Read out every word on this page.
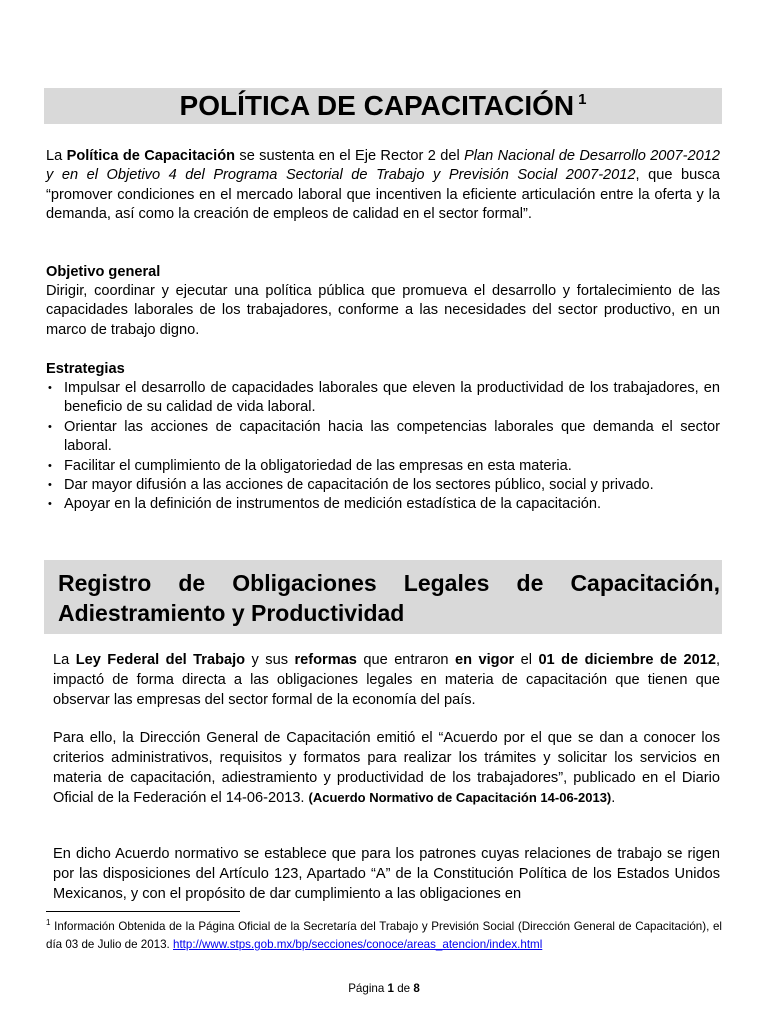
POLÍTICA DE CAPACITACIÓN $^1$
La Política de Capacitación se sustenta en el Eje Rector 2 del Plan Nacional de Desarrollo 2007-2012 y en el Objetivo 4 del Programa Sectorial de Trabajo y Previsión Social 2007-2012, que busca “promover condiciones en el mercado laboral que incentiven la eficiente articulación entre la oferta y la demanda, así como la creación de empleos de calidad en el sector formal”.
Objetivo general
Dirigir, coordinar y ejecutar una política pública que promueva el desarrollo y fortalecimiento de las capacidades laborales de los trabajadores, conforme a las necesidades del sector productivo, en un marco de trabajo digno.
Estrategias
• Impulsar el desarrollo de capacidades laborales que eleven la productividad de los trabajadores, en beneficio de su calidad de vida laboral.
• Orientar las acciones de capacitación hacia las competencias laborales que demanda el sector laboral.
• Facilitar el cumplimiento de la obligatoriedad de las empresas en esta materia.
• Dar mayor difusión a las acciones de capacitación de los sectores público, social y privado.
• Apoyar en la definición de instrumentos de medición estadística de la capacitación.
Registro de Obligaciones Legales de Capacitación, Adiestramiento y Productividad
La Ley Federal del Trabajo y sus reformas que entraron en vigor el 01 de diciembre de 2012, impactó de forma directa a las obligaciones legales en materia de capacitación que tienen que observar las empresas del sector formal de la economía del país.
Para ello, la Dirección General de Capacitación emitió el “Acuerdo por el que se dan a conocer los criterios administrativos, requisitos y formatos para realizar los trámites y solicitar los servicios en materia de capacitación, adiestramiento y productividad de los trabajadores”, publicado en el Diario Oficial de la Federación el 14-06-2013. (Acuerdo Normativo de Capacitación 14-06-2013).
En dicho Acuerdo normativo se establece que para los patrones cuyas relaciones de trabajo se rigen por las disposiciones del Artículo 123, Apartado “A” de la Constitución Política de los Estados Unidos Mexicanos, y con el propósito de dar cumplimiento a las obligaciones en
$^1$ Información Obtenida de la Página Oficial de la Secretaría del Trabajo y Previsión Social (Dirección General de Capacitación), el día 03 de Julio de 2013. http://www.stps.gob.mx/bp/secciones/conoce/areas_atencion/index.html
Página 1 de 8
